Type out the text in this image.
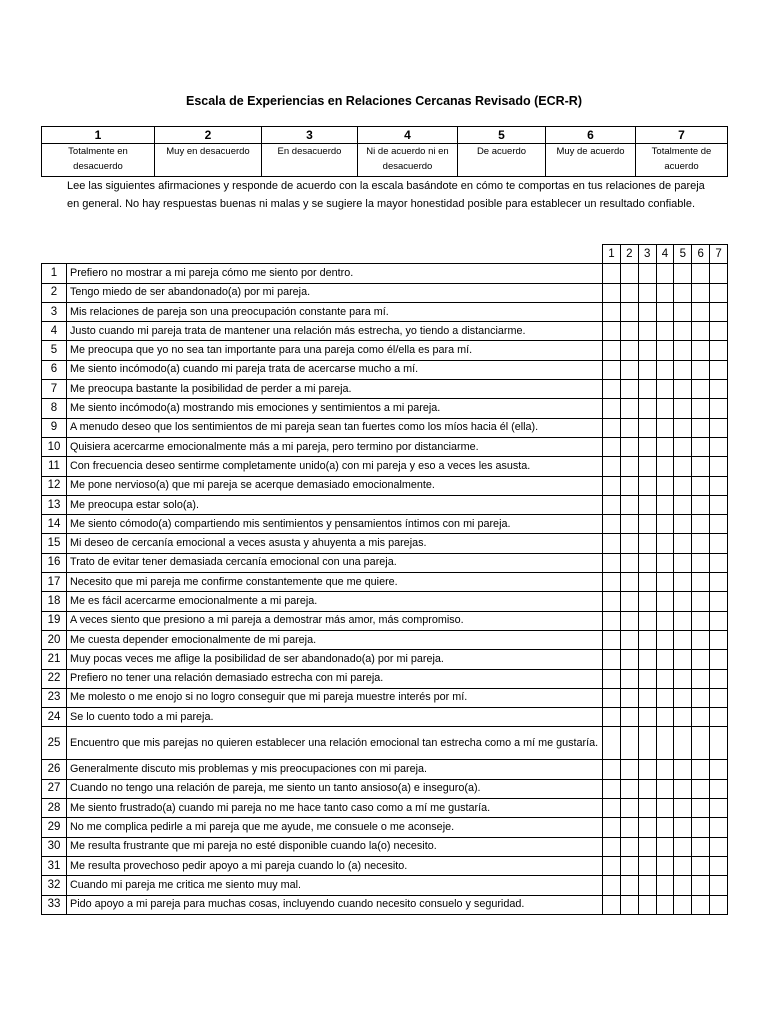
Escala de Experiencias en Relaciones Cercanas Revisado (ECR-R)
1	2	3	4	5	6	7
Totalmente en desacuerdo	Muy en desacuerdo	En desacuerdo	Ni de acuerdo ni en desacuerdo	De acuerdo	Muy de acuerdo	Totalmente de acuerdo
Lee las siguientes afirmaciones y responde de acuerdo con la escala basándote en cómo te comportas en tus relaciones de pareja en general. No hay respuestas buenas ni malas y se sugiere la mayor honestidad posible para establecer un resultado confiable.
		1	2	3	4	5	6	7
1	Prefiero no mostrar a mi pareja cómo me siento por dentro.							
2	Tengo miedo de ser abandonado(a) por mi pareja.							
3	Mis relaciones de pareja son una preocupación constante para mí.							
4	Justo cuando mi pareja trata de mantener una relación más estrecha, yo tiendo a distanciarme.							
5	Me preocupa que yo no sea tan importante para una pareja como él/ella es para mí.							
6	Me siento incómodo(a) cuando mi pareja trata de acercarse mucho a mí.							
7	Me preocupa bastante la posibilidad de perder a mi pareja.							
8	Me siento incómodo(a) mostrando mis emociones y sentimientos a mi pareja.							
9	A menudo deseo que los sentimientos de mi pareja sean tan fuertes como los míos hacia él (ella).							
10	Quisiera acercarme emocionalmente más a mi pareja, pero termino por distanciarme.							
11	Con frecuencia deseo sentirme completamente unido(a) con mi pareja y eso a veces les asusta.							
12	Me pone nervioso(a) que mi pareja se acerque demasiado emocionalmente.							
13	Me preocupa estar solo(a).							
14	Me siento cómodo(a) compartiendo mis sentimientos y pensamientos íntimos con mi pareja.							
15	Mi deseo de cercanía emocional a veces asusta y ahuyenta a mis parejas.							
16	Trato de evitar tener demasiada cercanía emocional con una pareja.							
17	Necesito que mi pareja me confirme constantemente que me quiere.							
18	Me es fácil acercarme emocionalmente a mi pareja.							
19	A veces siento que presiono a mi pareja a demostrar más amor, más compromiso.							
20	Me cuesta depender emocionalmente de mi pareja.							
21	Muy pocas veces me aflige la posibilidad de ser abandonado(a) por mi pareja.							
22	Prefiero no tener una relación demasiado estrecha con mi pareja.							
23	Me molesto o me enojo si no logro conseguir que mi pareja muestre interés por mí.							
24	Se lo cuento todo a mi pareja.							
25	Encuentro que mis parejas no quieren establecer una relación emocional tan estrecha como a mí me gustaría.							
26	Generalmente discuto mis problemas y mis preocupaciones con mi pareja.							
27	Cuando no tengo una relación de pareja, me siento un tanto ansioso(a) e inseguro(a).							
28	Me siento frustrado(a) cuando mi pareja no me hace tanto caso como a mí me gustaría.							
29	No me complica pedirle a mi pareja que me ayude, me consuele o me aconseje.							
30	Me resulta frustrante que mi pareja no esté disponible cuando la(o) necesito.							
31	Me resulta provechoso pedir apoyo a mi pareja cuando lo (a) necesito.							
32	Cuando mi pareja me critica me siento muy mal.							
33	Pido apoyo a mi pareja para muchas cosas, incluyendo cuando necesito consuelo y seguridad.							
